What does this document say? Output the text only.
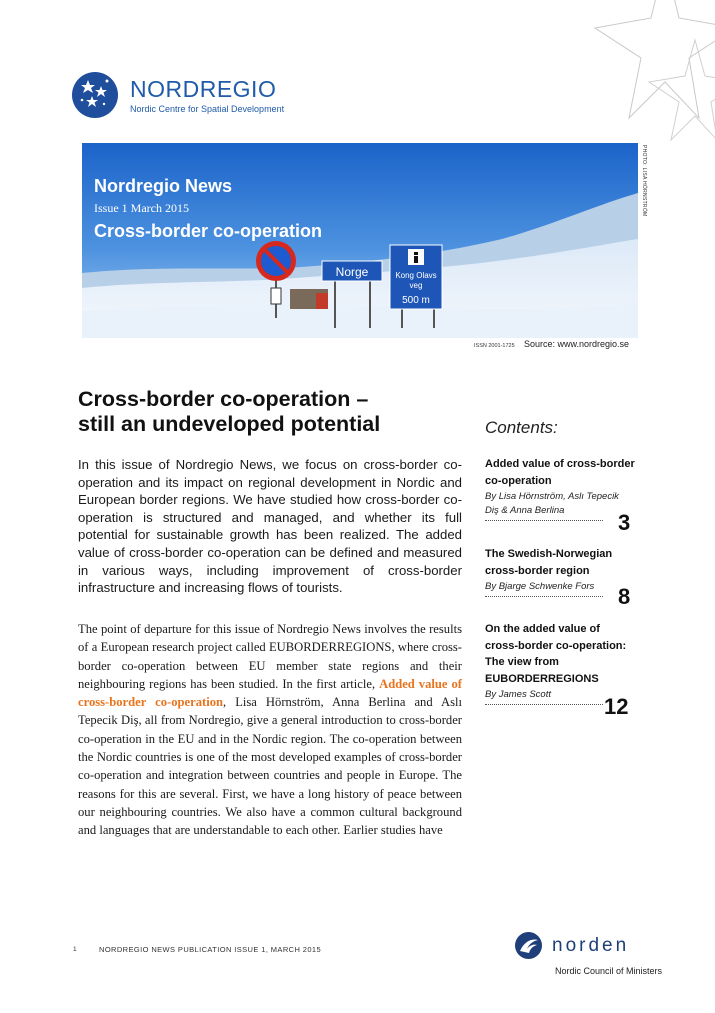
NORDREGIO
Nordic Centre for Spatial Development
Norge	Kong Olavs
veg
500 m
Nordregio News
Issue 1 March 2015
Cross-border co-operation
PHOTO: LISA HÖRNSTRÖM
ISSN 2001-1725 Source: www.nordregio.se
Cross-border co-operation –
still an undeveloped potential
In this issue of Nordregio News, we focus on cross-border co-operation and its impact on regional development in Nordic and European border regions. We have studied how cross-border co-operation is structured and managed, and whether its full potential for sustainable growth has been realized. The added value of cross-border co-operation can be defined and measured in various ways, including improvement of cross-border infrastructure and increasing flows of tourists.

The point of departure for this issue of Nordregio News involves the results of a European research project called EUBORDERREGIONS, where cross-border co-operation between EU member state regions and their neighbouring regions has been studied. In the first article, Added value of cross-border co-operation, Lisa Hörnström, Anna Berlina and Aslı Tepecik Diş, all from Nordregio, give a general introduction to cross-border co-operation in the EU and in the Nordic region. The co-operation between the Nordic countries is one of the most developed examples of cross-border co-operation and integration between countries and people in Europe. The reasons for this are several. First, we have a long history of peace between our neighbouring countries. We also have a common cultural background and languages that are understandable to each other. Earlier studies have

Contents:
Added value of cross-border co-operation
By Lisa Hörnström, Aslı Tepecik Diş & Anna Berlina	3
The Swedish-Norwegian cross-border region
By Bjarge Schwenke Fors	8
On the added value of cross-border co-operation: The view from EUBORDERREGIONS
By James Scott	12
1	NORDREGIO NEWS PUBLICATION ISSUE 1, MARCH 2015	norden
Nordic Council of Ministers
